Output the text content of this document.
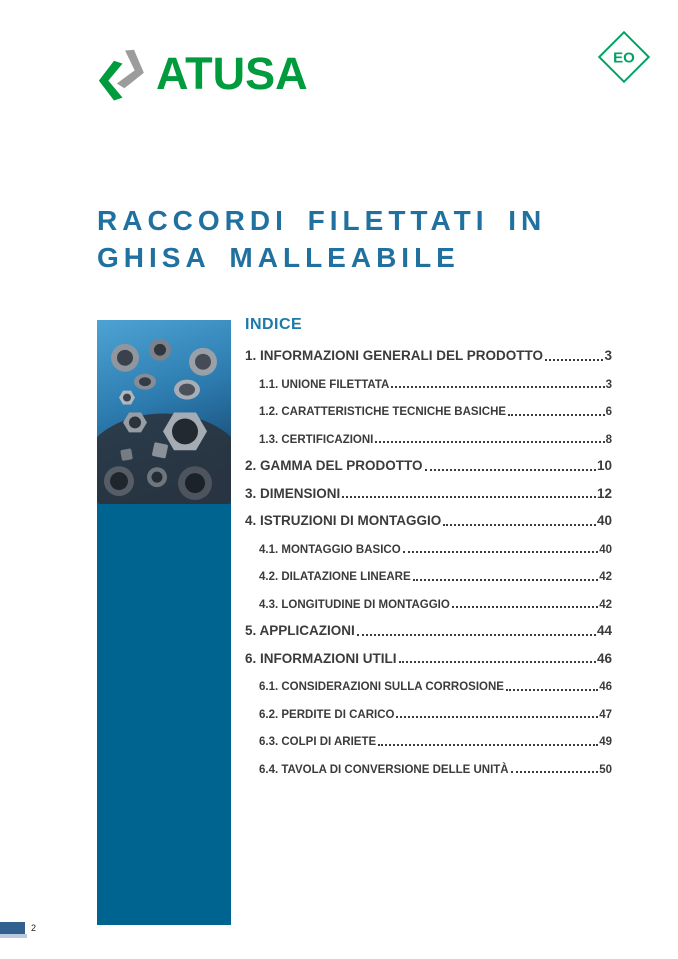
ATUSA	EO
RACCORDI FILETTATI IN
GHISA MALLEABILE
INDICE
1. INFORMAZIONI GENERALI DEL PRODOTTO	3
1.1. UNIONE FILETTATA	3
1.2. CARATTERISTICHE TECNICHE BASICHE	6
1.3. CERTIFICAZIONI	8
2. GAMMA DEL PRODOTTO	10
3. DIMENSIONI	12
4. ISTRUZIONI DI MONTAGGIO	40
4.1. MONTAGGIO BASICO	40
4.2. DILATAZIONE LINEARE	42
4.3. LONGITUDINE DI MONTAGGIO	42
5. APPLICAZIONI	44
6. INFORMAZIONI UTILI	46
6.1. CONSIDERAZIONI SULLA CORROSIONE	46
6.2. PERDITE DI CARICO	47
6.3. COLPI DI ARIETE	49
6.4. TAVOLA DI CONVERSIONE DELLE UNITÀ	50
2
